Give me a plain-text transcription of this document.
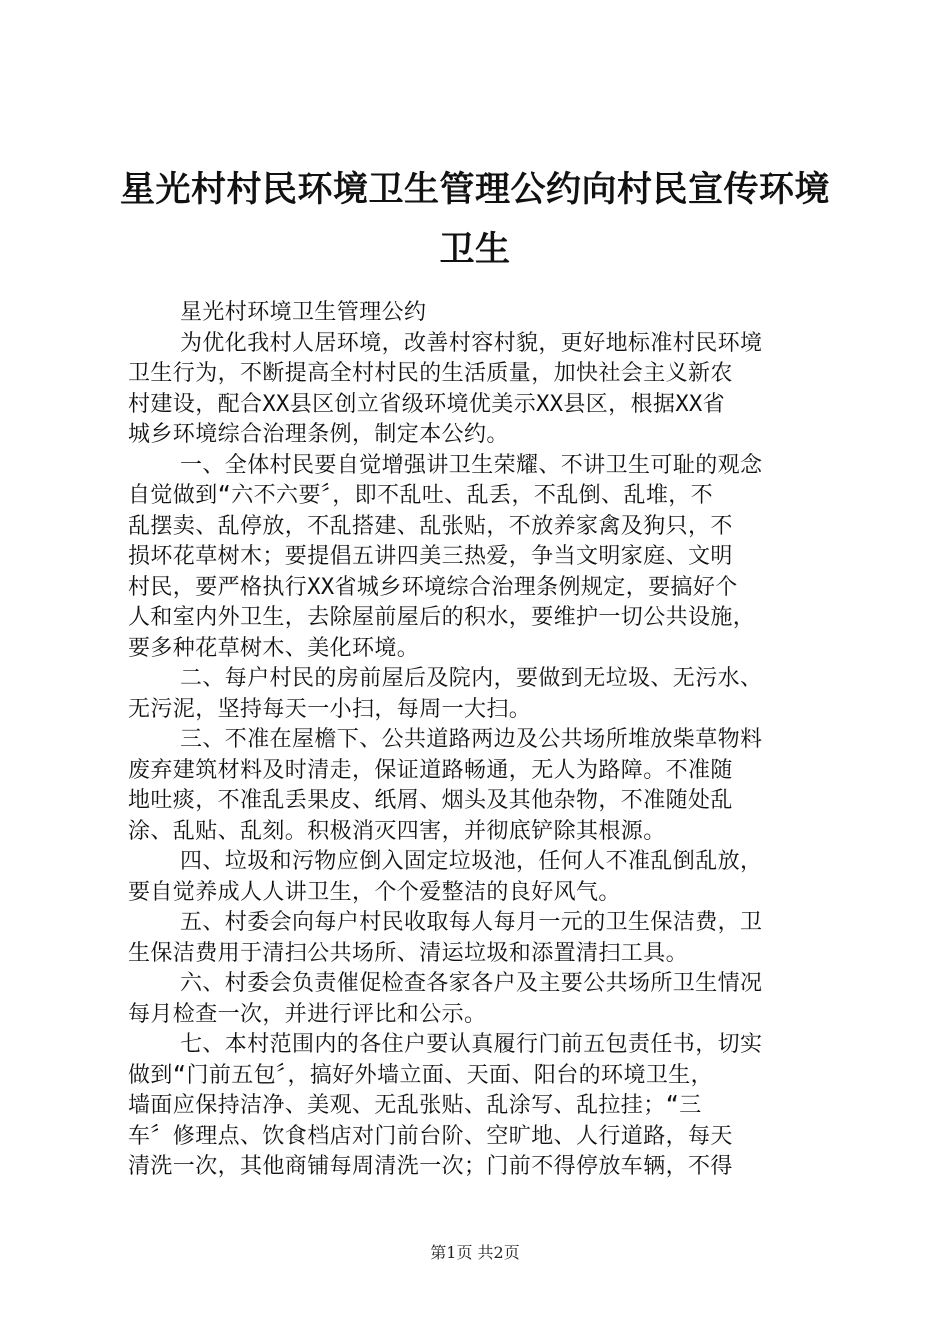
星光村村民环境卫生管理公约向村民宣传环境
卫生
星光村环境卫生管理公约
为优化我村人居环境，改善村容村貌，更好地标准村民环境
卫生行为，不断提高全村村民的生活质量，加快社会主义新农
村建设，配合XX县区创立省级环境优美示XX县区，根据XX省
城乡环境综合治理条例，制定本公约。
一、全体村民要自觉增强讲卫生荣耀、不讲卫生可耻的观念
自觉做到“六不六要〞，即不乱吐、乱丢，不乱倒、乱堆，不
乱摆卖、乱停放，不乱搭建、乱张贴，不放养家禽及狗只，不
损坏花草树木；要提倡五讲四美三热爱，争当文明家庭、文明
村民，要严格执行XX省城乡环境综合治理条例规定，要搞好个
人和室内外卫生，去除屋前屋后的积水，要维护一切公共设施，
要多种花草树木、美化环境。
二、每户村民的房前屋后及院内，要做到无垃圾、无污水、
无污泥，坚持每天一小扫，每周一大扫。
三、不准在屋檐下、公共道路两边及公共场所堆放柴草物料
废弃建筑材料及时清走，保证道路畅通，无人为路障。不准随
地吐痰，不准乱丢果皮、纸屑、烟头及其他杂物，不准随处乱
涂、乱贴、乱刻。积极消灭四害，并彻底铲除其根源。
四、垃圾和污物应倒入固定垃圾池，任何人不准乱倒乱放，
要自觉养成人人讲卫生，个个爱整洁的良好风气。
五、村委会向每户村民收取每人每月一元的卫生保洁费，卫
生保洁费用于清扫公共场所、清运垃圾和添置清扫工具。
六、村委会负责催促检查各家各户及主要公共场所卫生情况
每月检查一次，并进行评比和公示。
七、本村范围内的各住户要认真履行门前五包责任书，切实
做到“门前五包〞，搞好外墙立面、天面、阳台的环境卫生，
墙面应保持洁净、美观、无乱张贴、乱涂写、乱拉挂；“三
车〞修理点、饮食档店对门前台阶、空旷地、人行道路，每天
清洗一次，其他商铺每周清洗一次；门前不得停放车辆，不得
第1页 共2页
